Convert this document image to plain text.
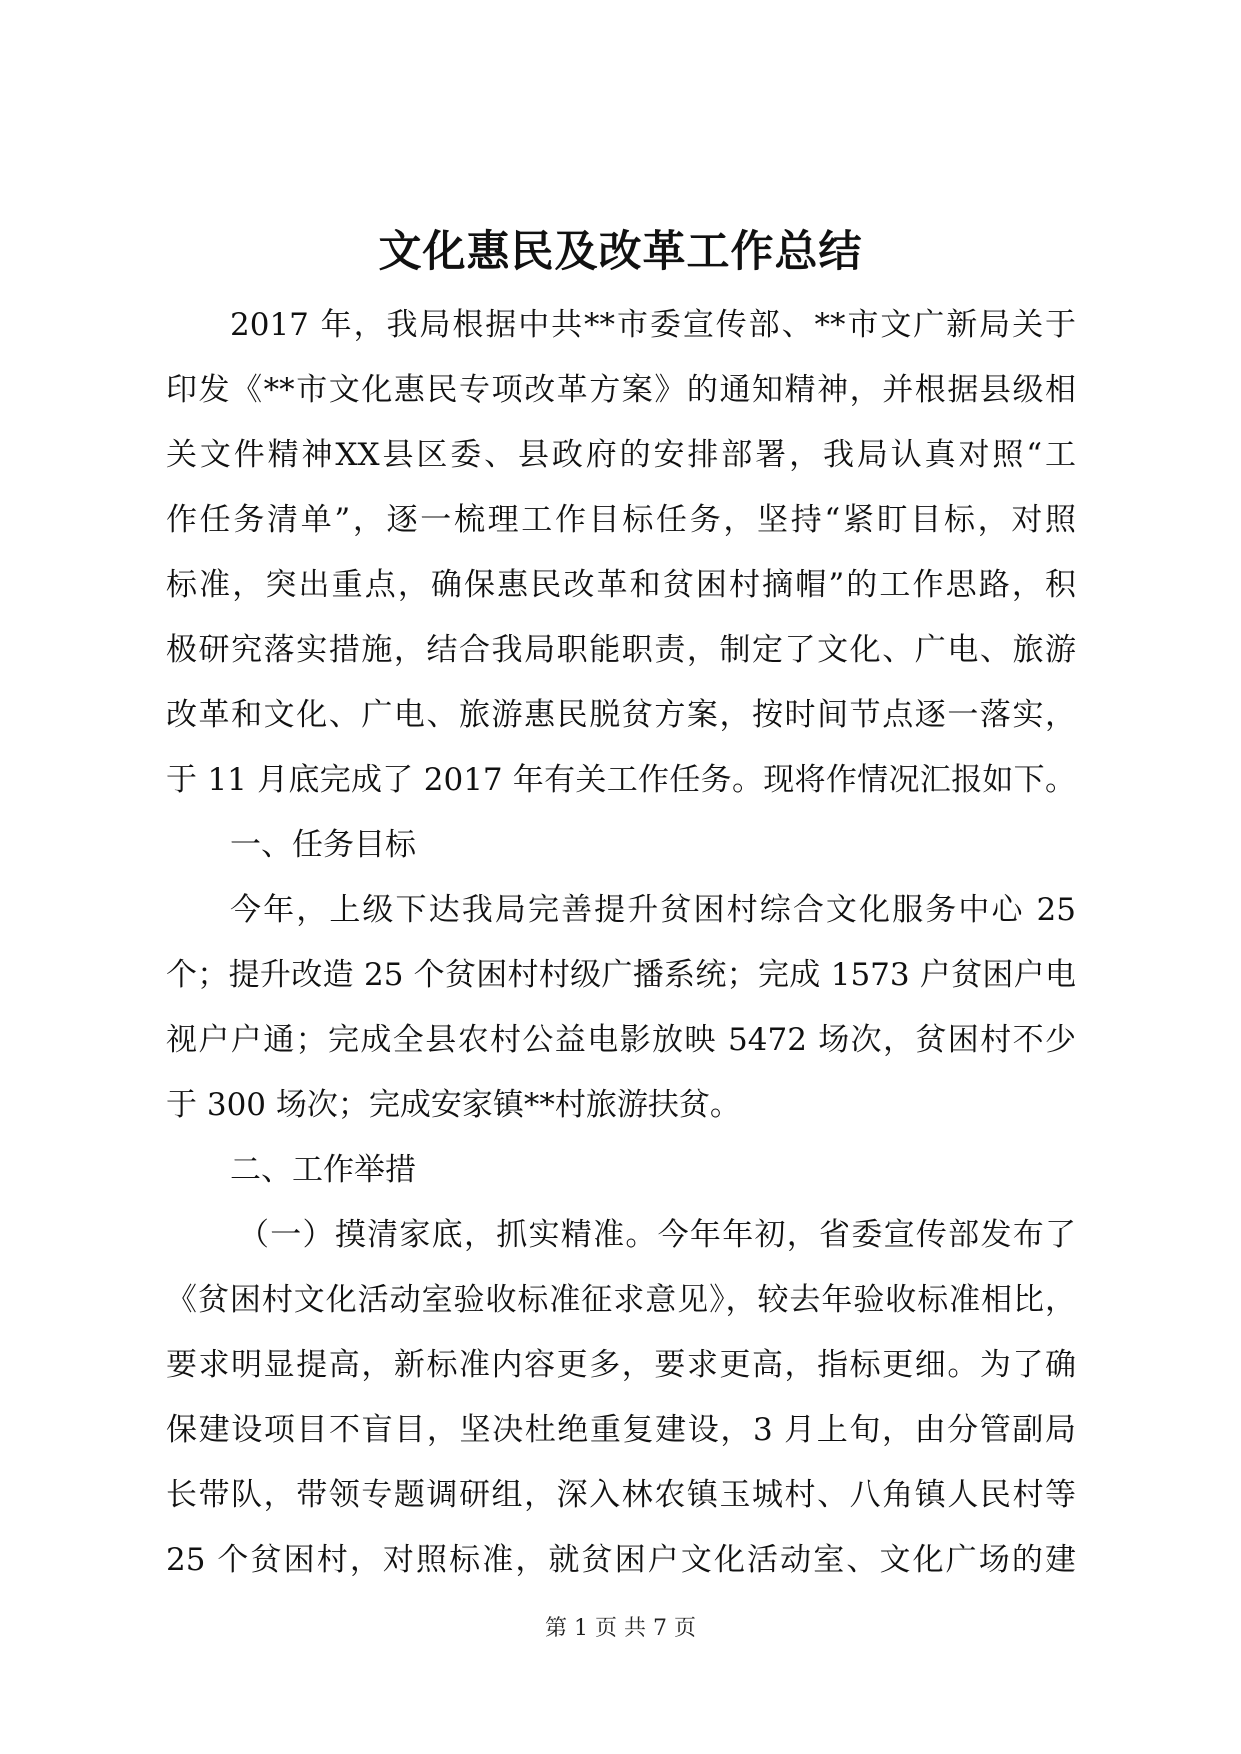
文化惠民及改革工作总结
2017 年，我局根据中共**市委宣传部、**市文广新局关于
印发《**市文化惠民专项改革方案》的通知精神，并根据县级相
关文件精神XX县区委、县政府的安排部署，我局认真对照“工
作任务清单”，逐一梳理工作目标任务，坚持“紧盯目标，对照
标准，突出重点，确保惠民改革和贫困村摘帽”的工作思路，积
极研究落实措施，结合我局职能职责，制定了文化、广电、旅游
改革和文化、广电、旅游惠民脱贫方案，按时间节点逐一落实，
于 11 月底完成了 2017 年有关工作任务。现将作情况汇报如下。
一、任务目标
今年，上级下达我局完善提升贫困村综合文化服务中心 25
个；提升改造 25 个贫困村村级广播系统；完成 1573 户贫困户电
视户户通；完成全县农村公益电影放映 5472 场次，贫困村不少
于 300 场次；完成安家镇**村旅游扶贫。
二、工作举措
（一）摸清家底，抓实精准。今年年初，省委宣传部发布了
《贫困村文化活动室验收标准征求意见》，较去年验收标准相比，
要求明显提高，新标准内容更多，要求更高，指标更细。为了确
保建设项目不盲目，坚决杜绝重复建设，3 月上旬，由分管副局
长带队，带领专题调研组，深入林农镇玉城村、八角镇人民村等
25 个贫困村，对照标准，就贫困户文化活动室、文化广场的建
第 1 页 共 7 页
